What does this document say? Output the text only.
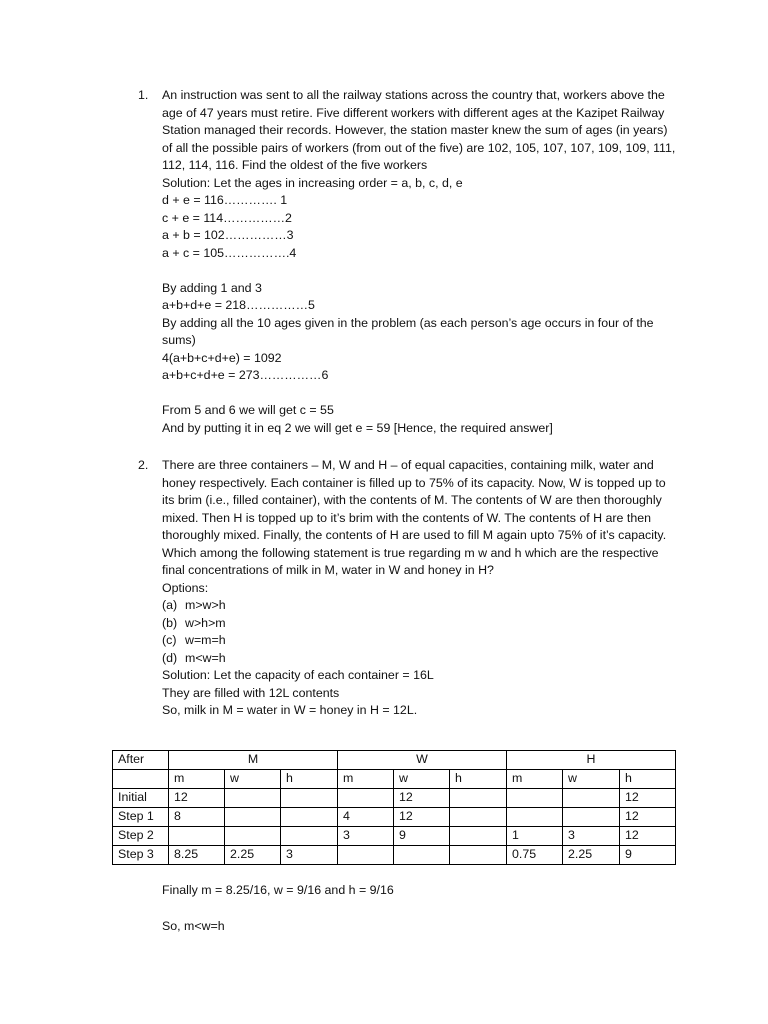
1.	An instruction was sent to all the railway stations across the country that, workers above the age of 47 years must retire. Five different workers with different ages at the Kazipet Railway Station managed their records. However, the station master knew the sum of ages (in years) of all the possible pairs of workers (from out of the five) are 102, 105, 107, 107, 109, 109, 111, 112, 114, 116. Find the oldest of the five workers
Solution: Let the ages in increasing order = a, b, c, d, e
d + e = 116…………. 1
c + e = 114……………2
a + b = 102……………3
a + c = 105…………….4
By adding 1 and 3
a+b+d+e = 218……………5
By adding all the 10 ages given in the problem (as each person’s age occurs in four of the sums)
4(a+b+c+d+e) = 1092
a+b+c+d+e = 273……………6
From 5 and 6 we will get c = 55
And by putting it in eq 2 we will get e = 59 [Hence, the required answer]
2.	There are three containers – M, W and H – of equal capacities, containing milk, water and honey respectively. Each container is filled up to 75% of its capacity. Now, W is topped up to its brim (i.e., filled container), with the contents of M. The contents of W are then thoroughly mixed. Then H is topped up to it’s brim with the contents of W. The contents of H are then thoroughly mixed. Finally, the contents of H are used to fill M again upto 75% of it’s capacity. Which among the following statement is true regarding m w and h which are the respective final concentrations of milk in M, water in W and honey in H?
Options:
(a) m>w>h
(b) w>h>m
(c) w=m=h
(d) m<w=h
Solution: Let the capacity of each container = 16L
They are filled with 12L contents
So, milk in M = water in W = honey in H = 12L.
After	M			W			H		
	m	w	h	m	w	h	m	w	h
Initial	12				12				12
Step 1	8			4	12				12
Step 2				3	9		1	3	12
Step 3	8.25	2.25	3				0.75	2.25	9
Finally m = 8.25/16, w = 9/16 and h = 9/16
So, m<w=h
